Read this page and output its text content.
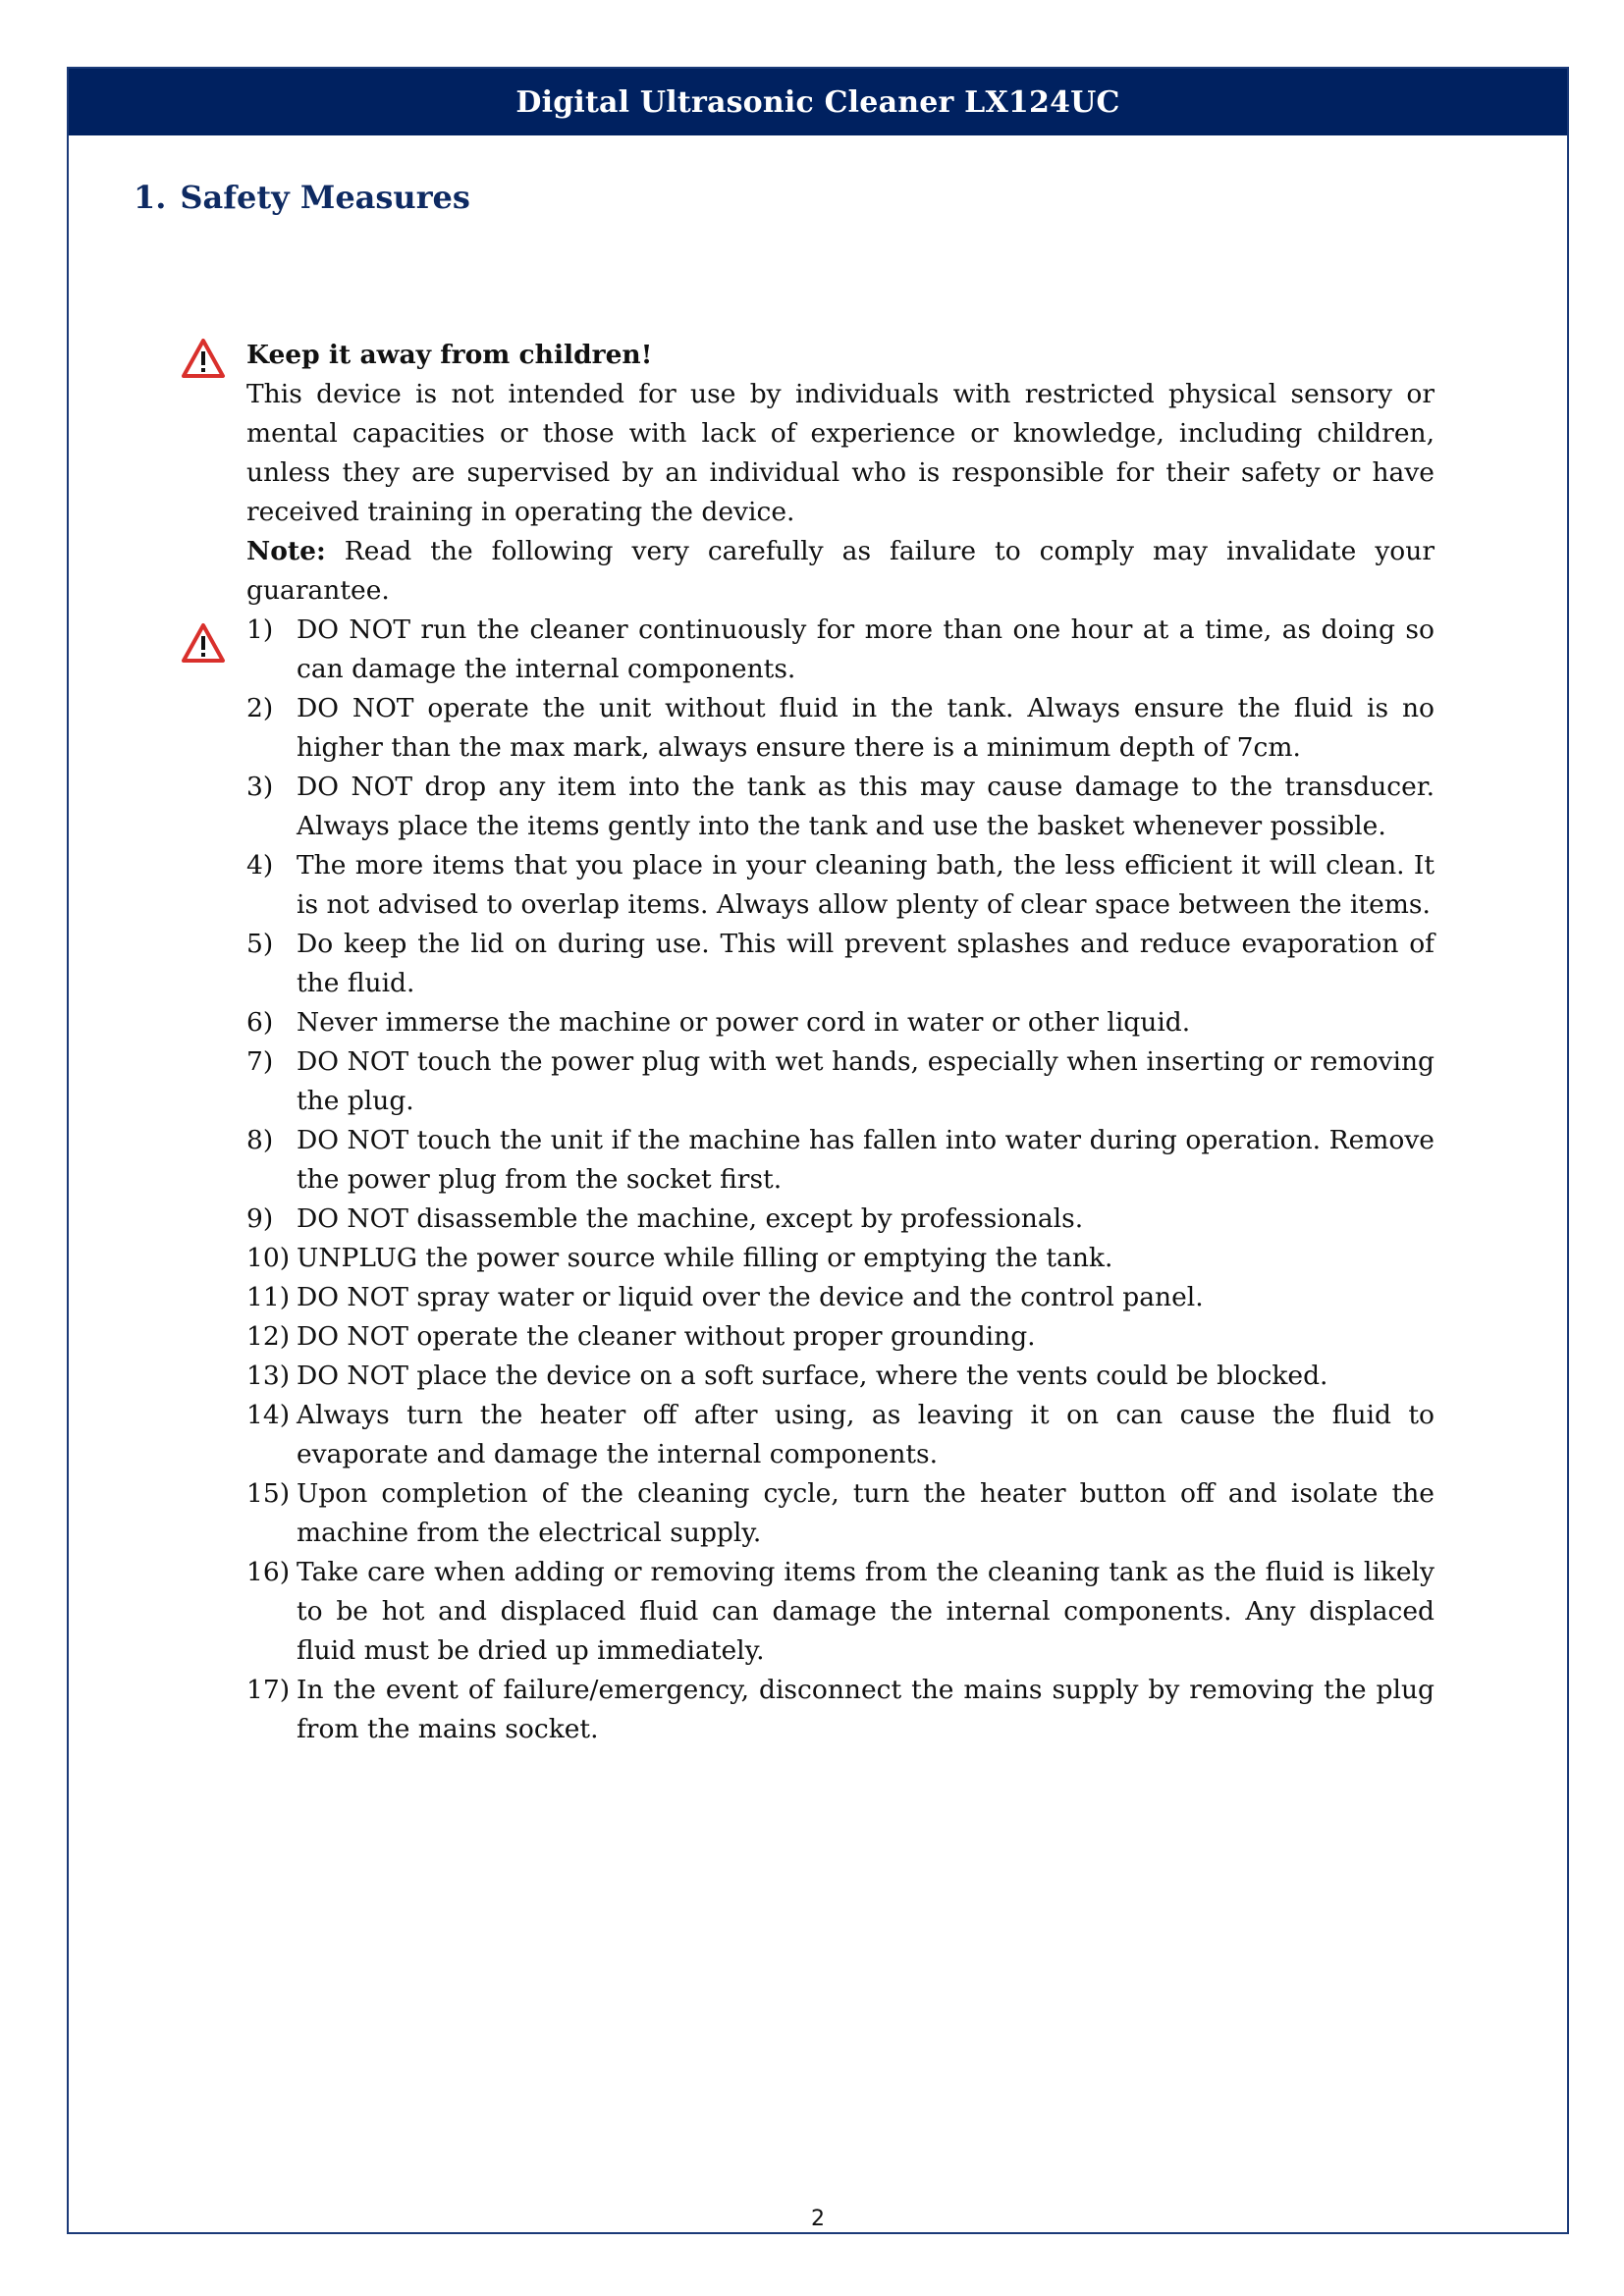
Digital Ultrasonic Cleaner LX124UC
2
1. Safety Measures

Keep it away from children!

This device is not intended for use by individuals with restricted physical sensory or mental capacities or those with lack of experience or knowledge, including children, unless they are supervised by an individual who is responsible for their safety or have received training in operating the device.

Note: Read the following very carefully as failure to comply may invalidate your guarantee.

1) DO NOT run the cleaner continuously for more than one hour at a time, as doing so can damage the internal components.
2) DO NOT operate the unit without fluid in the tank. Always ensure the fluid is no higher than the max mark, always ensure there is a minimum depth of 7cm.
3) DO NOT drop any item into the tank as this may cause damage to the transducer. Always place the items gently into the tank and use the basket whenever possible.
4) The more items that you place in your cleaning bath, the less efficient it will clean. It is not advised to overlap items. Always allow plenty of clear space between the items.
5) Do keep the lid on during use. This will prevent splashes and reduce evaporation of the fluid.
6) Never immerse the machine or power cord in water or other liquid.
7) DO NOT touch the power plug with wet hands, especially when inserting or removing the plug.
8) DO NOT touch the unit if the machine has fallen into water during operation. Remove the power plug from the socket first.
9) DO NOT disassemble the machine, except by professionals.
10) UNPLUG the power source while filling or emptying the tank.
11) DO NOT spray water or liquid over the device and the control panel.
12) DO NOT operate the cleaner without proper grounding.
13) DO NOT place the device on a soft surface, where the vents could be blocked.
14) Always turn the heater off after using, as leaving it on can cause the fluid to evaporate and damage the internal components.
15) Upon completion of the cleaning cycle, turn the heater button off and isolate the machine from the electrical supply.
16) Take care when adding or removing items from the cleaning tank as the fluid is likely to be hot and displaced fluid can damage the internal components. Any displaced fluid must be dried up immediately.
17) In the event of failure/emergency, disconnect the mains supply by removing the plug from the mains socket.
